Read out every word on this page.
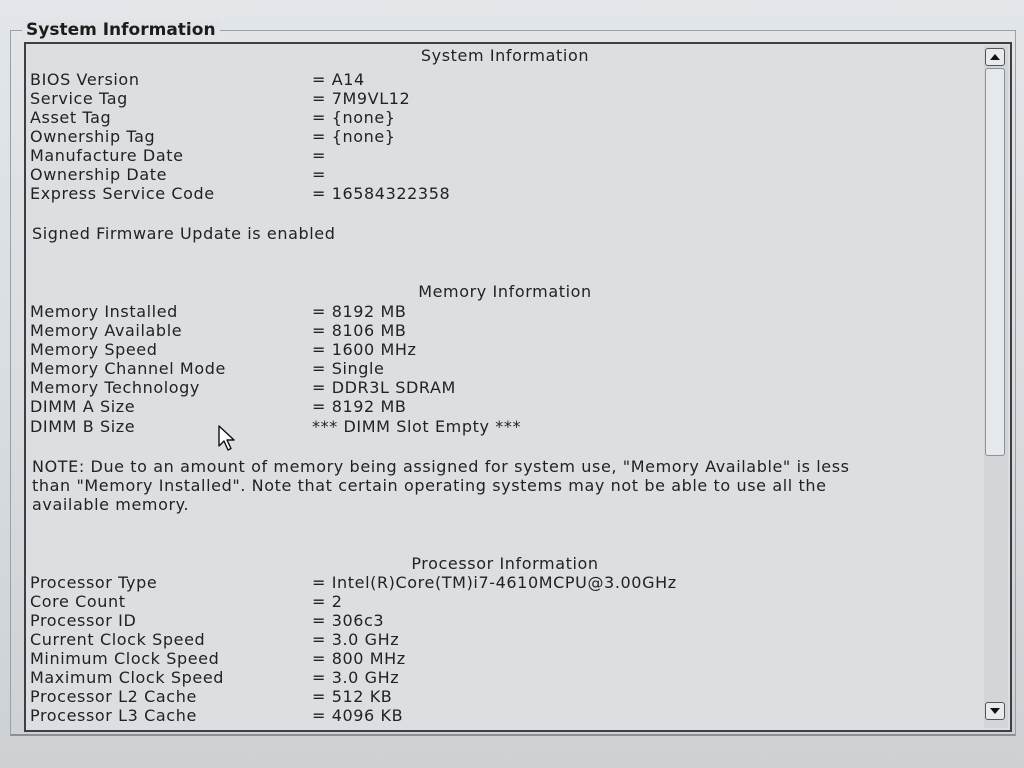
System Information
System Information
BIOS Version	= A14
Service Tag	= 7M9VL12
Asset Tag	= {none}
Ownership Tag	= {none}
Manufacture Date	=
Ownership Date	=
Express Service Code	= 16584322358
Signed Firmware Update is enabled
Memory Information
Memory Installed	= 8192 MB
Memory Available	= 8106 MB
Memory Speed	= 1600 MHz
Memory Channel Mode	= Single
Memory Technology	= DDR3L SDRAM
DIMM A Size	= 8192 MB
DIMM B Size	*** DIMM Slot Empty ***
NOTE: Due to an amount of memory being assigned for system use, "Memory Available" is less
than "Memory Installed". Note that certain operating systems may not be able to use all the
available memory.
Processor Information
Processor Type	= Intel(R)Core(TM)i7-4610MCPU@3.00GHz
Core Count	= 2
Processor ID	= 306c3
Current Clock Speed	= 3.0 GHz
Minimum Clock Speed	= 800 MHz
Maximum Clock Speed	= 3.0 GHz
Processor L2 Cache	= 512 KB
Processor L3 Cache	= 4096 KB
